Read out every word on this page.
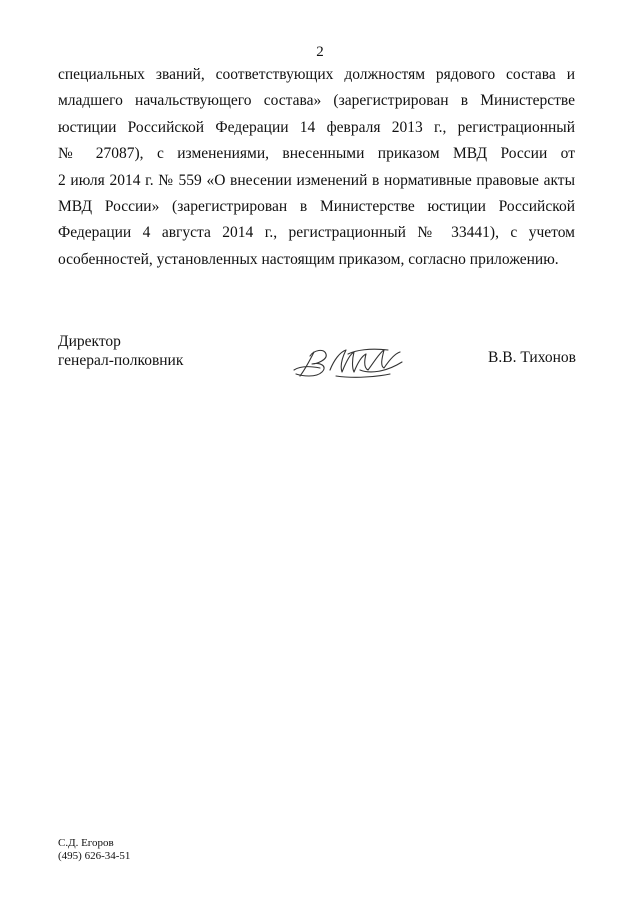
2
специальных званий, соответствующих должностям рядового состава и
младшего начальствующего состава» (зарегистрирован в Министерстве
юстиции Российской Федерации 14 февраля 2013 г., регистрационный
№ 27087), с изменениями, внесенными приказом МВД России от
2 июля 2014 г. № 559 «О внесении изменений в нормативные правовые акты
МВД России» (зарегистрирован в Министерстве юстиции Российской
Федерации 4 августа 2014 г., регистрационный № 33441), с учетом
особенностей, установленных настоящим приказом, согласно приложению.
Директор
генерал-полковник	В.В. Тихонов
С.Д. Егоров
(495) 626-34-51
